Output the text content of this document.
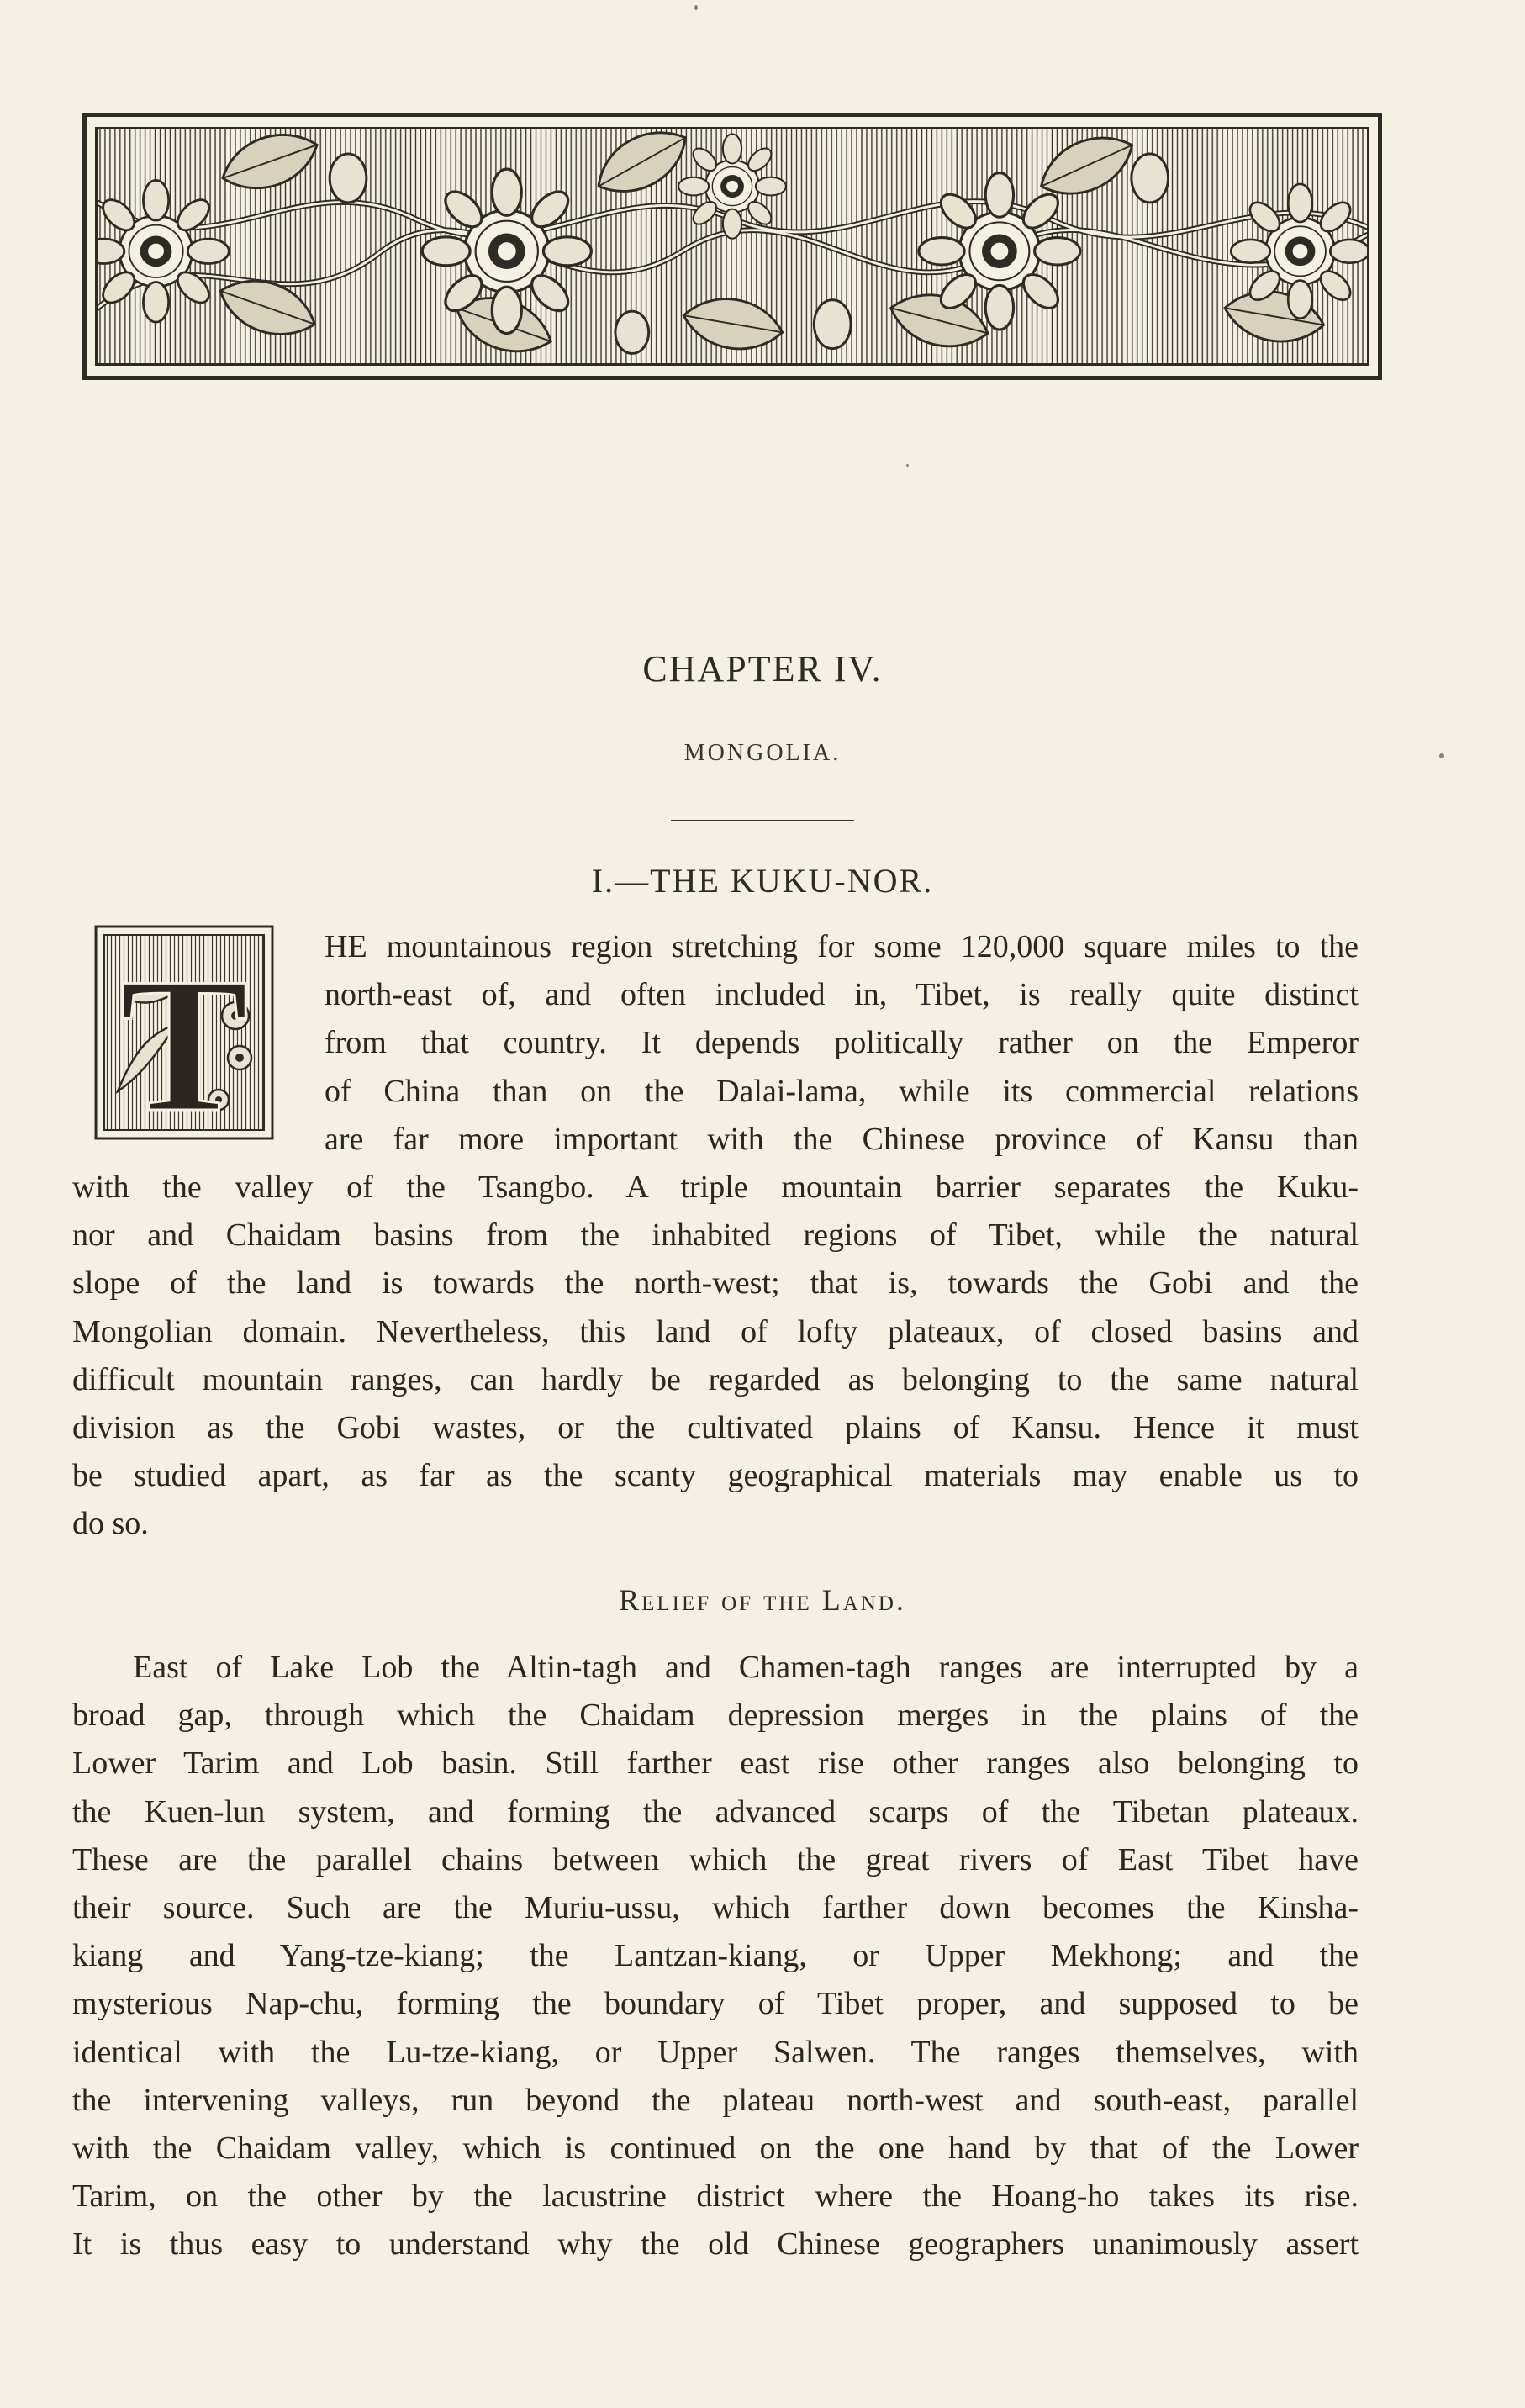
CHAPTER IV.
MONGOLIA.
I.—THE KUKU-NOR.
T HE mountainous region stretching for some 120,000 square miles to the
north-east of, and often included in, Tibet, is really quite distinct
from that country. It depends politically rather on the Emperor
of China than on the Dalai-lama, while its commercial relations
are far more important with the Chinese province of Kansu than
with the valley of the Tsangbo. A triple mountain barrier separates the Kuku-
nor and Chaidam basins from the inhabited regions of Tibet, while the natural
slope of the land is towards the north-west; that is, towards the Gobi and the
Mongolian domain. Nevertheless, this land of lofty plateaux, of closed basins and
difficult mountain ranges, can hardly be regarded as belonging to the same natural
division as the Gobi wastes, or the cultivated plains of Kansu. Hence it must
be studied apart, as far as the scanty geographical materials may enable us to
do so.
Relief of the Land.
East of Lake Lob the Altin-tagh and Chamen-tagh ranges are interrupted by a
broad gap, through which the Chaidam depression merges in the plains of the
Lower Tarim and Lob basin. Still farther east rise other ranges also belonging to
the Kuen-lun system, and forming the advanced scarps of the Tibetan plateaux.
These are the parallel chains between which the great rivers of East Tibet have
their source. Such are the Muriu-ussu, which farther down becomes the Kinsha-
kiang and Yang-tze-kiang; the Lantzan-kiang, or Upper Mekhong; and the
mysterious Nap-chu, forming the boundary of Tibet proper, and supposed to be
identical with the Lu-tze-kiang, or Upper Salwen. The ranges themselves, with
the intervening valleys, run beyond the plateau north-west and south-east, parallel
with the Chaidam valley, which is continued on the one hand by that of the Lower
Tarim, on the other by the lacustrine district where the Hoang-ho takes its rise.
It is thus easy to understand why the old Chinese geographers unanimously assert
